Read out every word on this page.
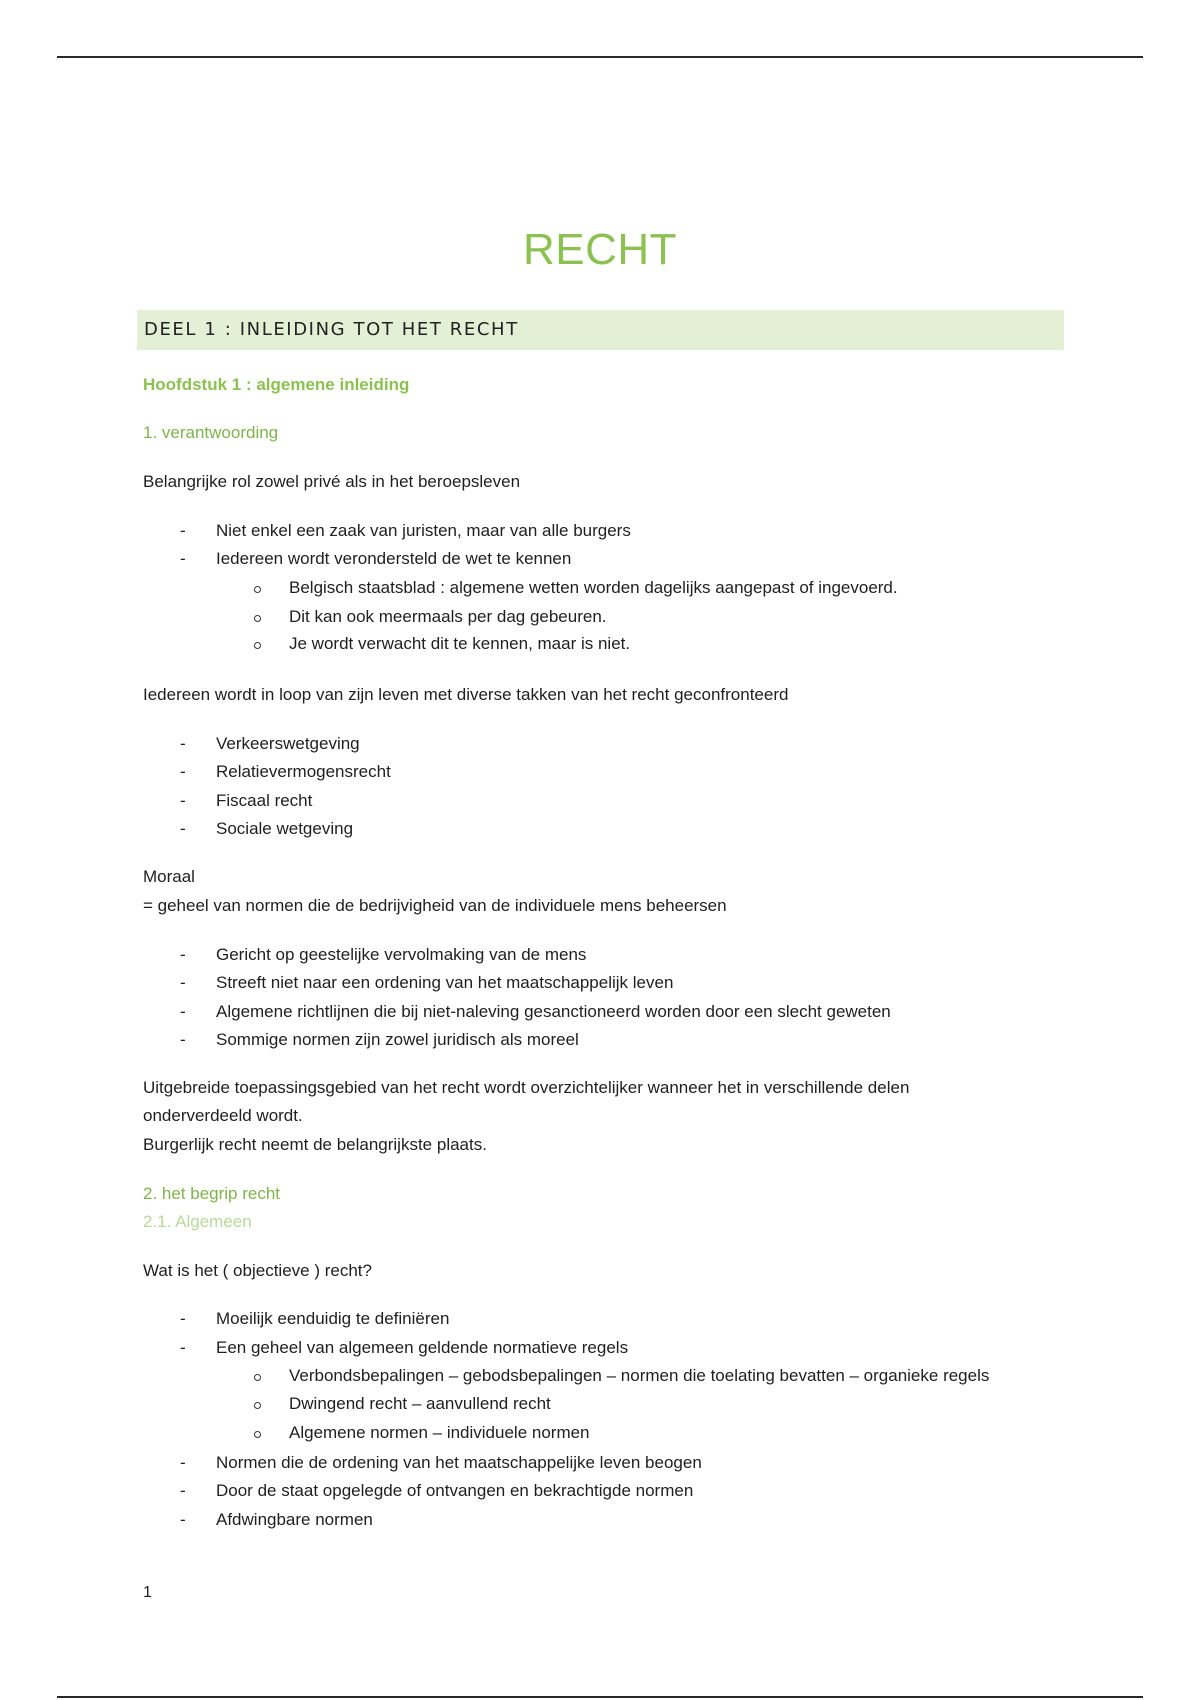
RECHT
DEEL 1 : INLEIDING TOT HET RECHT
Hoofdstuk 1 : algemene inleiding
1. verantwoording
Belangrijke rol zowel privé als in het beroepsleven
- Niet enkel een zaak van juristen, maar van alle burgers
- Iedereen wordt verondersteld de wet te kennen
Belgisch staatsblad : algemene wetten worden dagelijks aangepast of ingevoerd.
Dit kan ook meermaals per dag gebeuren.
Je wordt verwacht dit te kennen, maar is niet.
Iedereen wordt in loop van zijn leven met diverse takken van het recht geconfronteerd
- Verkeerswetgeving
- Relatievermogensrecht
- Fiscaal recht
- Sociale wetgeving
Moraal
= geheel van normen die de bedrijvigheid van de individuele mens beheersen
- Gericht op geestelijke vervolmaking van de mens
- Streeft niet naar een ordening van het maatschappelijk leven
- Algemene richtlijnen die bij niet-naleving gesanctioneerd worden door een slecht geweten
- Sommige normen zijn zowel juridisch als moreel
Uitgebreide toepassingsgebied van het recht wordt overzichtelijker wanneer het in verschillende delen
onderverdeeld wordt.
Burgerlijk recht neemt de belangrijkste plaats.
2. het begrip recht
2.1. Algemeen
Wat is het ( objectieve ) recht?
- Moeilijk eenduidig te definiëren
- Een geheel van algemeen geldende normatieve regels
Verbondsbepalingen – gebodsbepalingen – normen die toelating bevatten – organieke regels
Dwingend recht – aanvullend recht
Algemene normen – individuele normen
- Normen die de ordening van het maatschappelijke leven beogen
- Door de staat opgelegde of ontvangen en bekrachtigde normen
- Afdwingbare normen
1
